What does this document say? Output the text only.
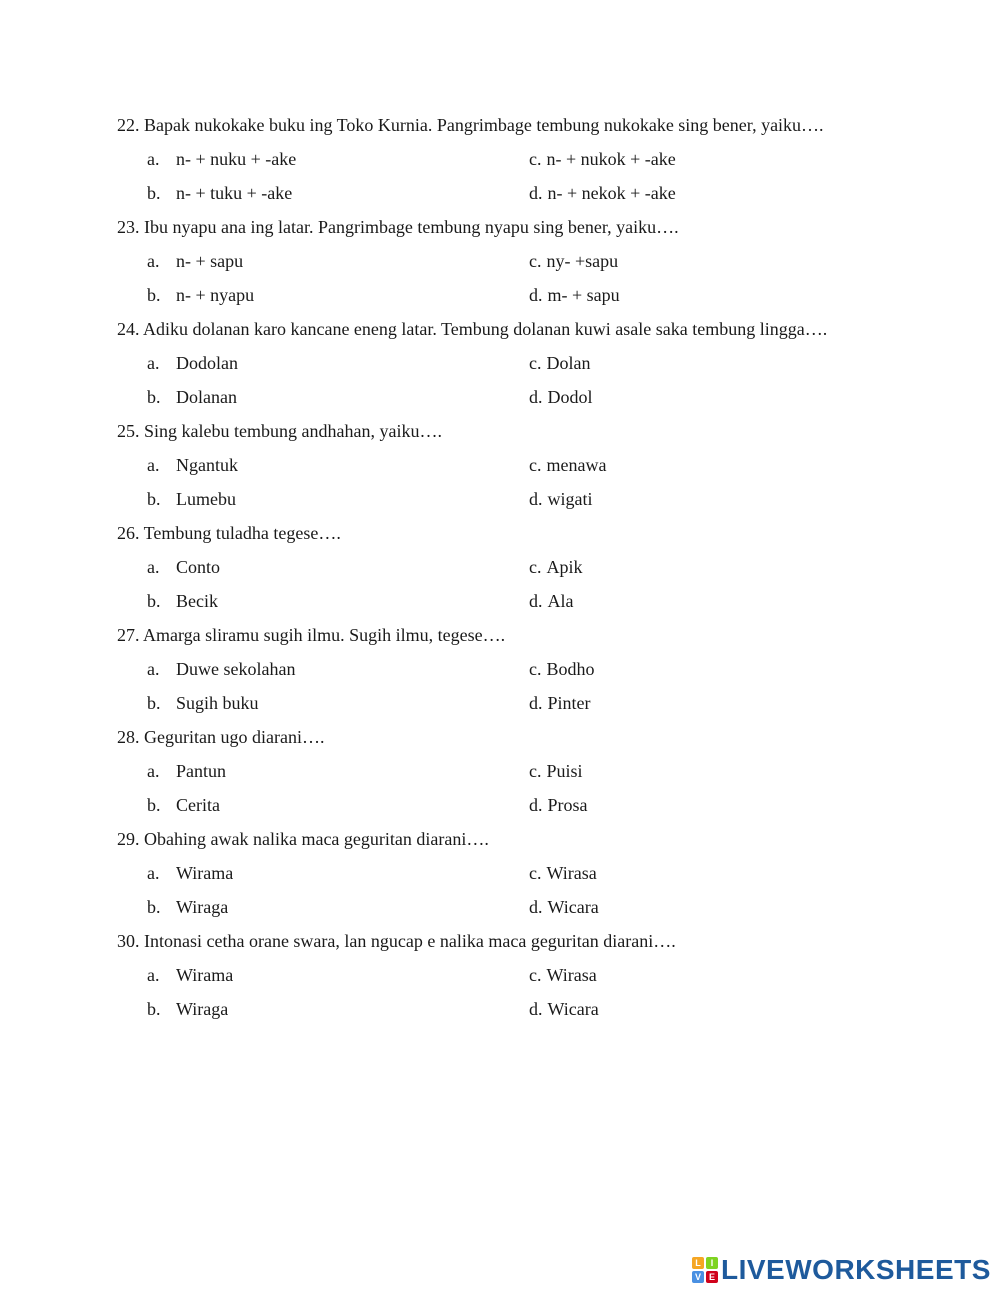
22. Bapak nukokake buku ing Toko Kurnia. Pangrimbage tembung nukokake sing bener, yaiku….
a. n- + nuku + -ake	c. n- + nukok + -ake
b. n- + tuku + -ake	d. n- + nekok + -ake
23. Ibu nyapu ana ing latar. Pangrimbage tembung nyapu sing bener, yaiku….
a. n- + sapu	c. ny- +sapu
b. n- + nyapu	d. m- + sapu
24. Adiku dolanan karo kancane eneng latar. Tembung dolanan kuwi asale saka tembung lingga….
a. Dodolan	c. Dolan
b. Dolanan	d. Dodol
25. Sing kalebu tembung andhahan, yaiku….
a. Ngantuk	c. menawa
b. Lumebu	d. wigati
26. Tembung tuladha tegese….
a. Conto	c. Apik
b. Becik	d. Ala
27. Amarga sliramu sugih ilmu. Sugih ilmu, tegese….
a. Duwe sekolahan	c. Bodho
b. Sugih buku	d. Pinter
28. Geguritan ugo diarani….
a. Pantun	c. Puisi
b. Cerita	d. Prosa
29. Obahing awak nalika maca geguritan diarani….
a. Wirama	c. Wirasa
b. Wiraga	d. Wicara
30. Intonasi cetha orane swara, lan ngucap e nalika maca geguritan diarani….
a. Wirama	c. Wirasa
b. Wiraga	d. Wicara
L	I
V E LIVEWORKSHEETS
